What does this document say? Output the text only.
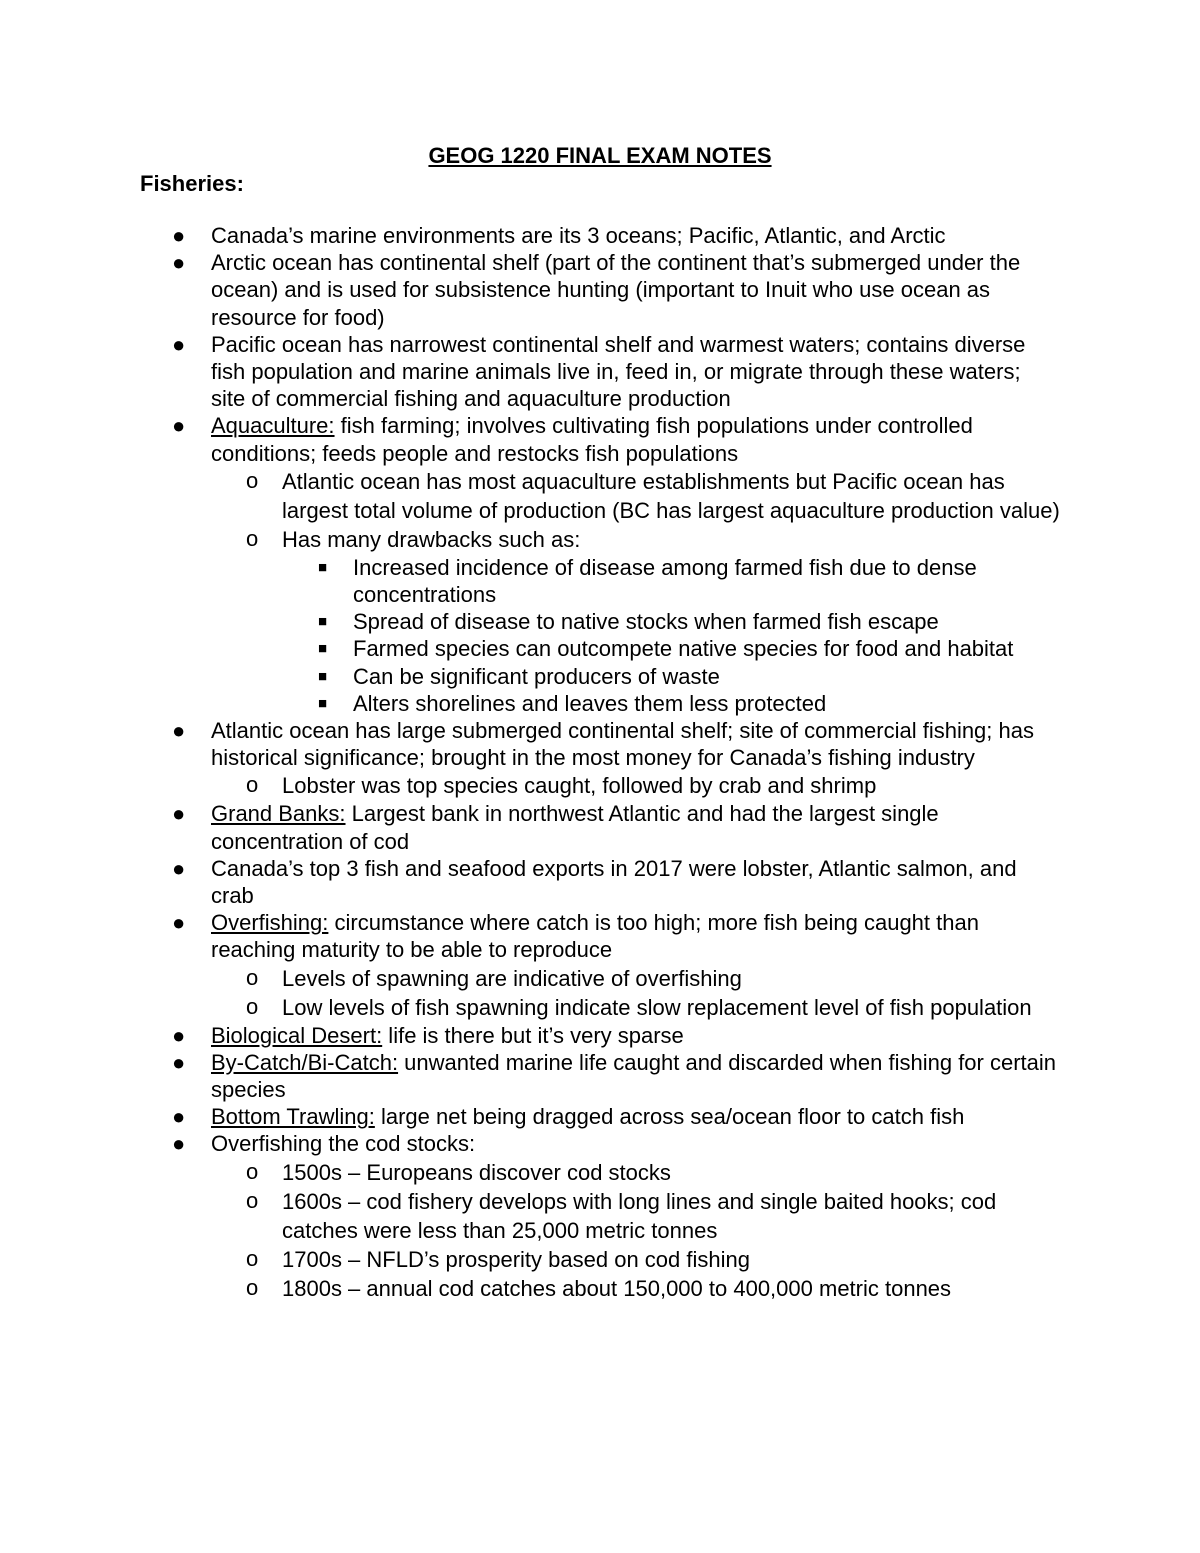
GEOG 1220 FINAL EXAM NOTES
Fisheries:
● Canada’s marine environments are its 3 oceans; Pacific, Atlantic, and Arctic
● Arctic ocean has continental shelf (part of the continent that’s submerged under the ocean) and is used for subsistence hunting (important to Inuit who use ocean as resource for food)
● Pacific ocean has narrowest continental shelf and warmest waters; contains diverse fish population and marine animals live in, feed in, or migrate through these waters; site of commercial fishing and aquaculture production
● Aquaculture: fish farming; involves cultivating fish populations under controlled conditions; feeds people and restocks fish populations
o Atlantic ocean has most aquaculture establishments but Pacific ocean has largest total volume of production (BC has largest aquaculture production value)
o Has many drawbacks such as:
■ Increased incidence of disease among farmed fish due to dense concentrations
■ Spread of disease to native stocks when farmed fish escape
■ Farmed species can outcompete native species for food and habitat
■ Can be significant producers of waste
■ Alters shorelines and leaves them less protected
● Atlantic ocean has large submerged continental shelf; site of commercial fishing; has historical significance; brought in the most money for Canada’s fishing industry
o Lobster was top species caught, followed by crab and shrimp
● Grand Banks: Largest bank in northwest Atlantic and had the largest single concentration of cod
● Canada’s top 3 fish and seafood exports in 2017 were lobster, Atlantic salmon, and crab
● Overfishing: circumstance where catch is too high; more fish being caught than reaching maturity to be able to reproduce
o Levels of spawning are indicative of overfishing
o Low levels of fish spawning indicate slow replacement level of fish population
● Biological Desert: life is there but it’s very sparse
● By-Catch/Bi-Catch: unwanted marine life caught and discarded when fishing for certain species
● Bottom Trawling: large net being dragged across sea/ocean floor to catch fish
● Overfishing the cod stocks:
o 1500s – Europeans discover cod stocks
o 1600s – cod fishery develops with long lines and single baited hooks; cod catches were less than 25,000 metric tonnes
o 1700s – NFLD’s prosperity based on cod fishing
o 1800s – annual cod catches about 150,000 to 400,000 metric tonnes
